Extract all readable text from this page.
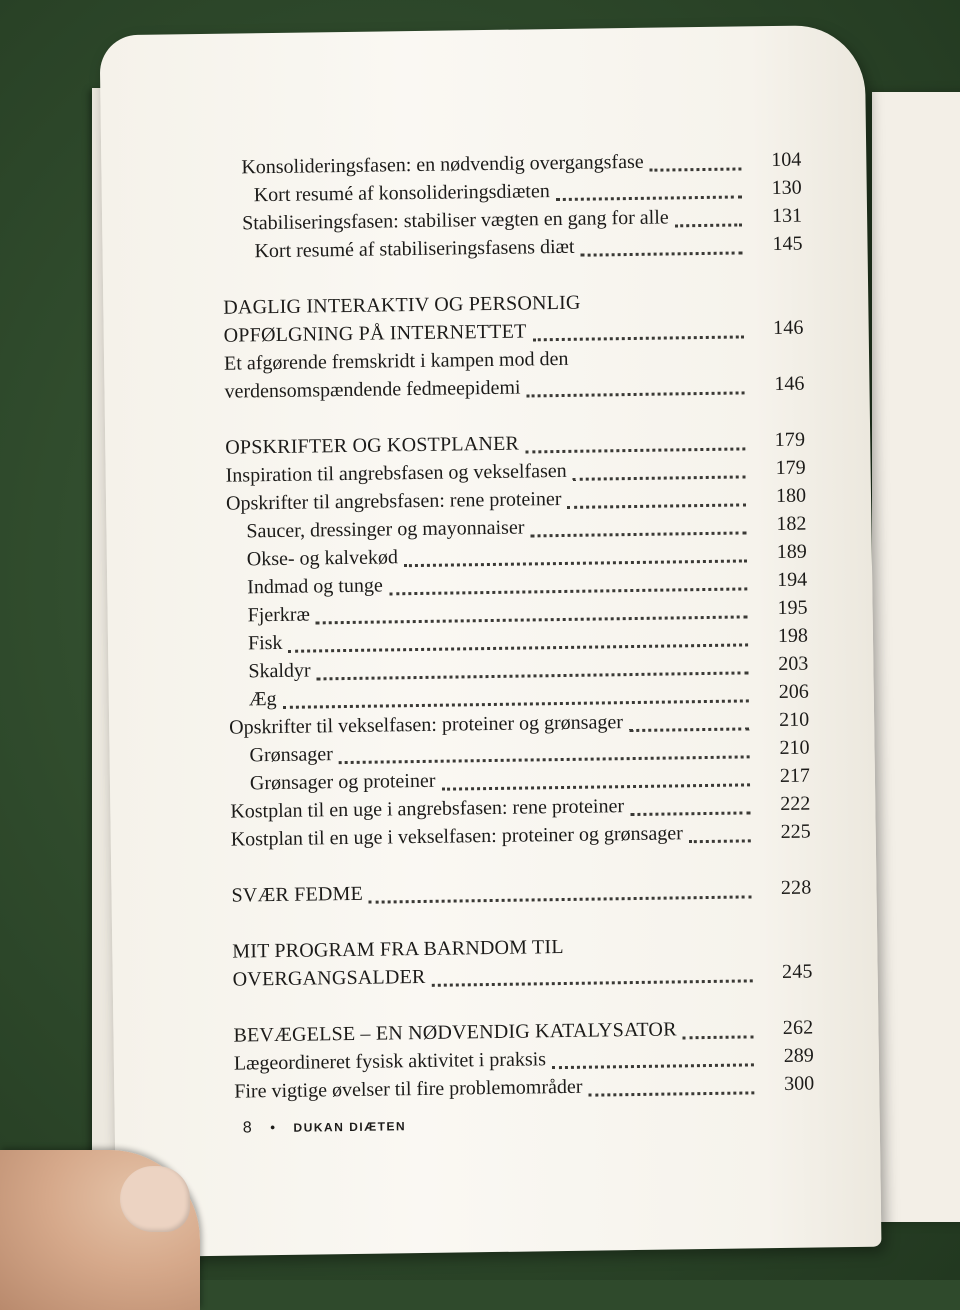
Konsolideringsfasen: en nødvendig overgangsfase	104
Kort resumé af konsolideringsdiæten	130
Stabiliseringsfasen: stabiliser vægten en gang for alle	131
Kort resumé af stabiliseringsfasens diæt	145
DAGLIG INTERAKTIV OG PERSONLIG
OPFØLGNING PÅ INTERNETTET	146
Et afgørende fremskridt i kampen mod den
verdensomspændende fedmeepidemi	146
OPSKRIFTER OG KOSTPLANER	179
Inspiration til angrebsfasen og vekselfasen	179
Opskrifter til angrebsfasen: rene proteiner	180
Saucer, dressinger og mayonnaiser	182
Okse- og kalvekød	189
Indmad og tunge	194
Fjerkræ	195
Fisk	198
Skaldyr	203
Æg	206
Opskrifter til vekselfasen: proteiner og grønsager	210
Grønsager	210
Grønsager og proteiner	217
Kostplan til en uge i angrebsfasen: rene proteiner	222
Kostplan til en uge i vekselfasen: proteiner og grønsager	225
SVÆR FEDME	228
MIT PROGRAM FRA BARNDOM TIL
OVERGANGSALDER	245
BEVÆGELSE – EN NØDVENDIG KATALYSATOR	262
Lægeordineret fysisk aktivitet i praksis	289
Fire vigtige øvelser til fire problemområder	300
8 • DUKAN DIÆTEN
